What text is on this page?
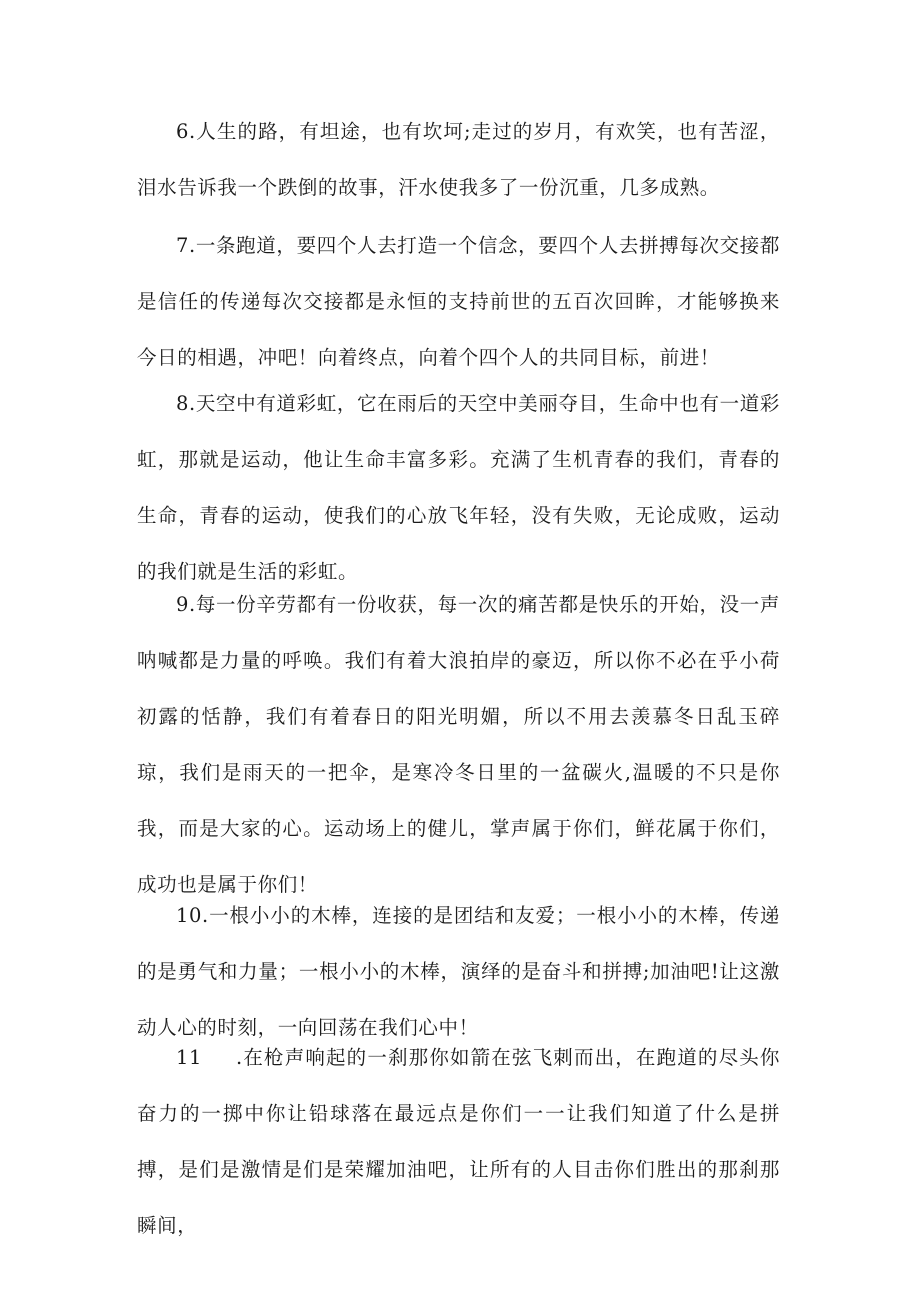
6.人生的路，有坦途，也有坎坷;走过的岁月，有欢笑，也有苦涩，泪水告诉我一个跌倒的故事，汗水使我多了一份沉重，几多成熟。

7.一条跑道，要四个人去打造一个信念，要四个人去拼搏每次交接都是信任的传递每次交接都是永恒的支持前世的五百次回眸，才能够换来今日的相遇，冲吧！向着终点，向着个四个人的共同目标，前进！

8.天空中有道彩虹，它在雨后的天空中美丽夺目，生命中也有一道彩虹，那就是运动，他让生命丰富多彩。充满了生机青春的我们，青春的生命，青春的运动，使我们的心放飞年轻，没有失败，无论成败，运动的我们就是生活的彩虹。

9.每一份辛劳都有一份收获，每一次的痛苦都是快乐的开始，没一声呐喊都是力量的呼唤。我们有着大浪拍岸的豪迈，所以你不必在乎小荷初露的恬静，我们有着春日的阳光明媚，所以不用去羡慕冬日乱玉碎琼，我们是雨天的一把伞，是寒冷冬日里的一盆碳火,温暖的不只是你我，而是大家的心。运动场上的健儿，掌声属于你们，鲜花属于你们，成功也是属于你们！

10.一根小小的木棒，连接的是团结和友爱；一根小小的木棒，传递的是勇气和力量；一根小小的木棒，演绎的是奋斗和拼搏;加油吧!让这激动人心的时刻，一向回荡在我们心中！

11 .在枪声响起的一刹那你如箭在弦飞刺而出，在跑道的尽头你奋力的一掷中你让铅球落在最远点是你们一一让我们知道了什么是拼搏，是们是激情是们是荣耀加油吧，让所有的人目击你们胜出的那刹那瞬间，
